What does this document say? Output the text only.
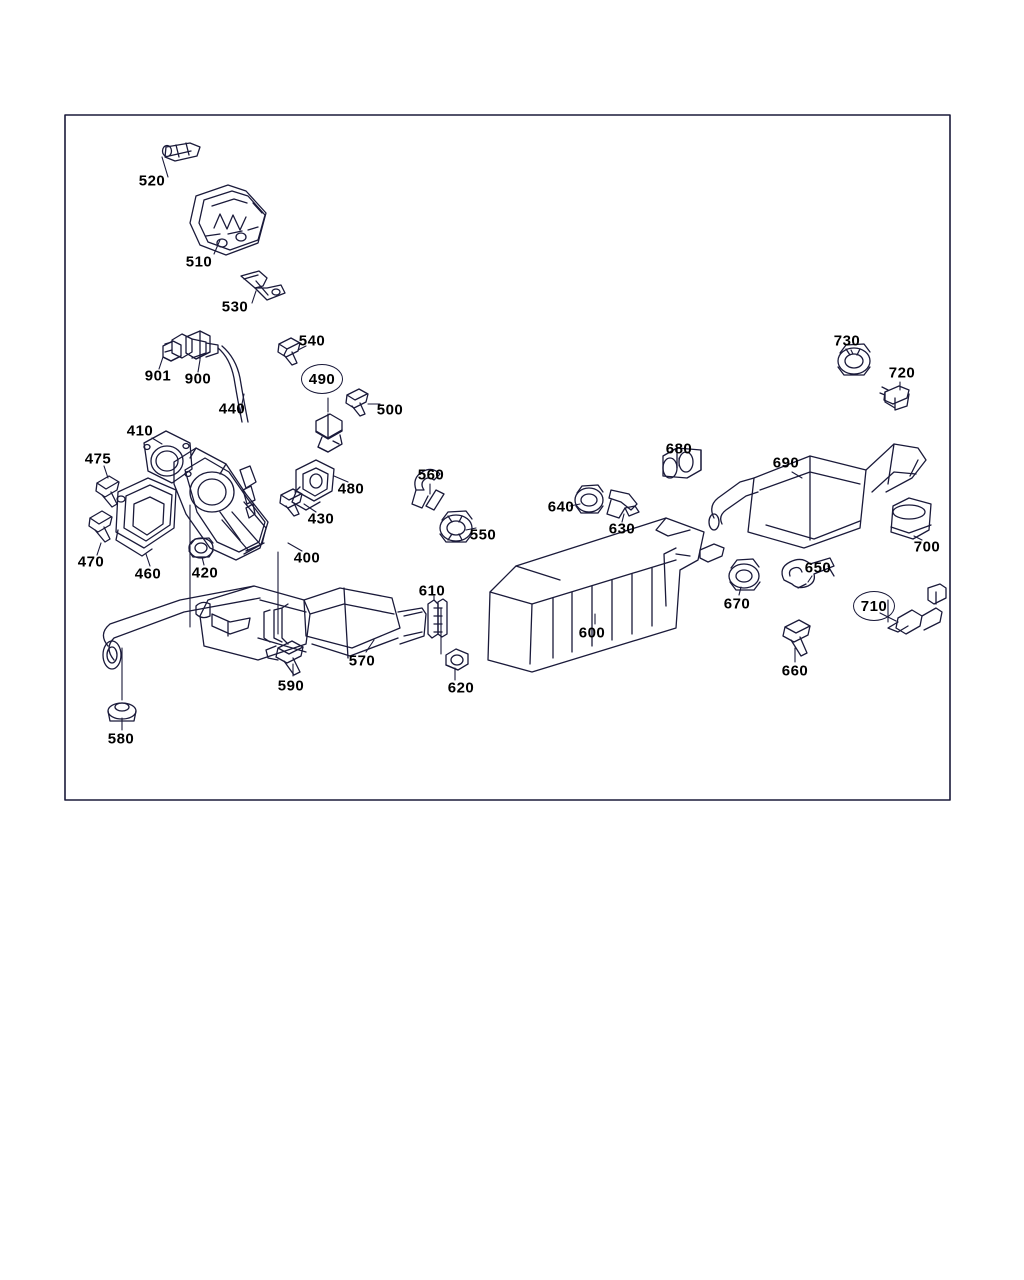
520
510
530
540
490
500
901 900
440
410
475
470
460 420
400
430
480
560
550
640
630
680
690
730
720
700
650
670	710
660
600
610
620
570
590
580
